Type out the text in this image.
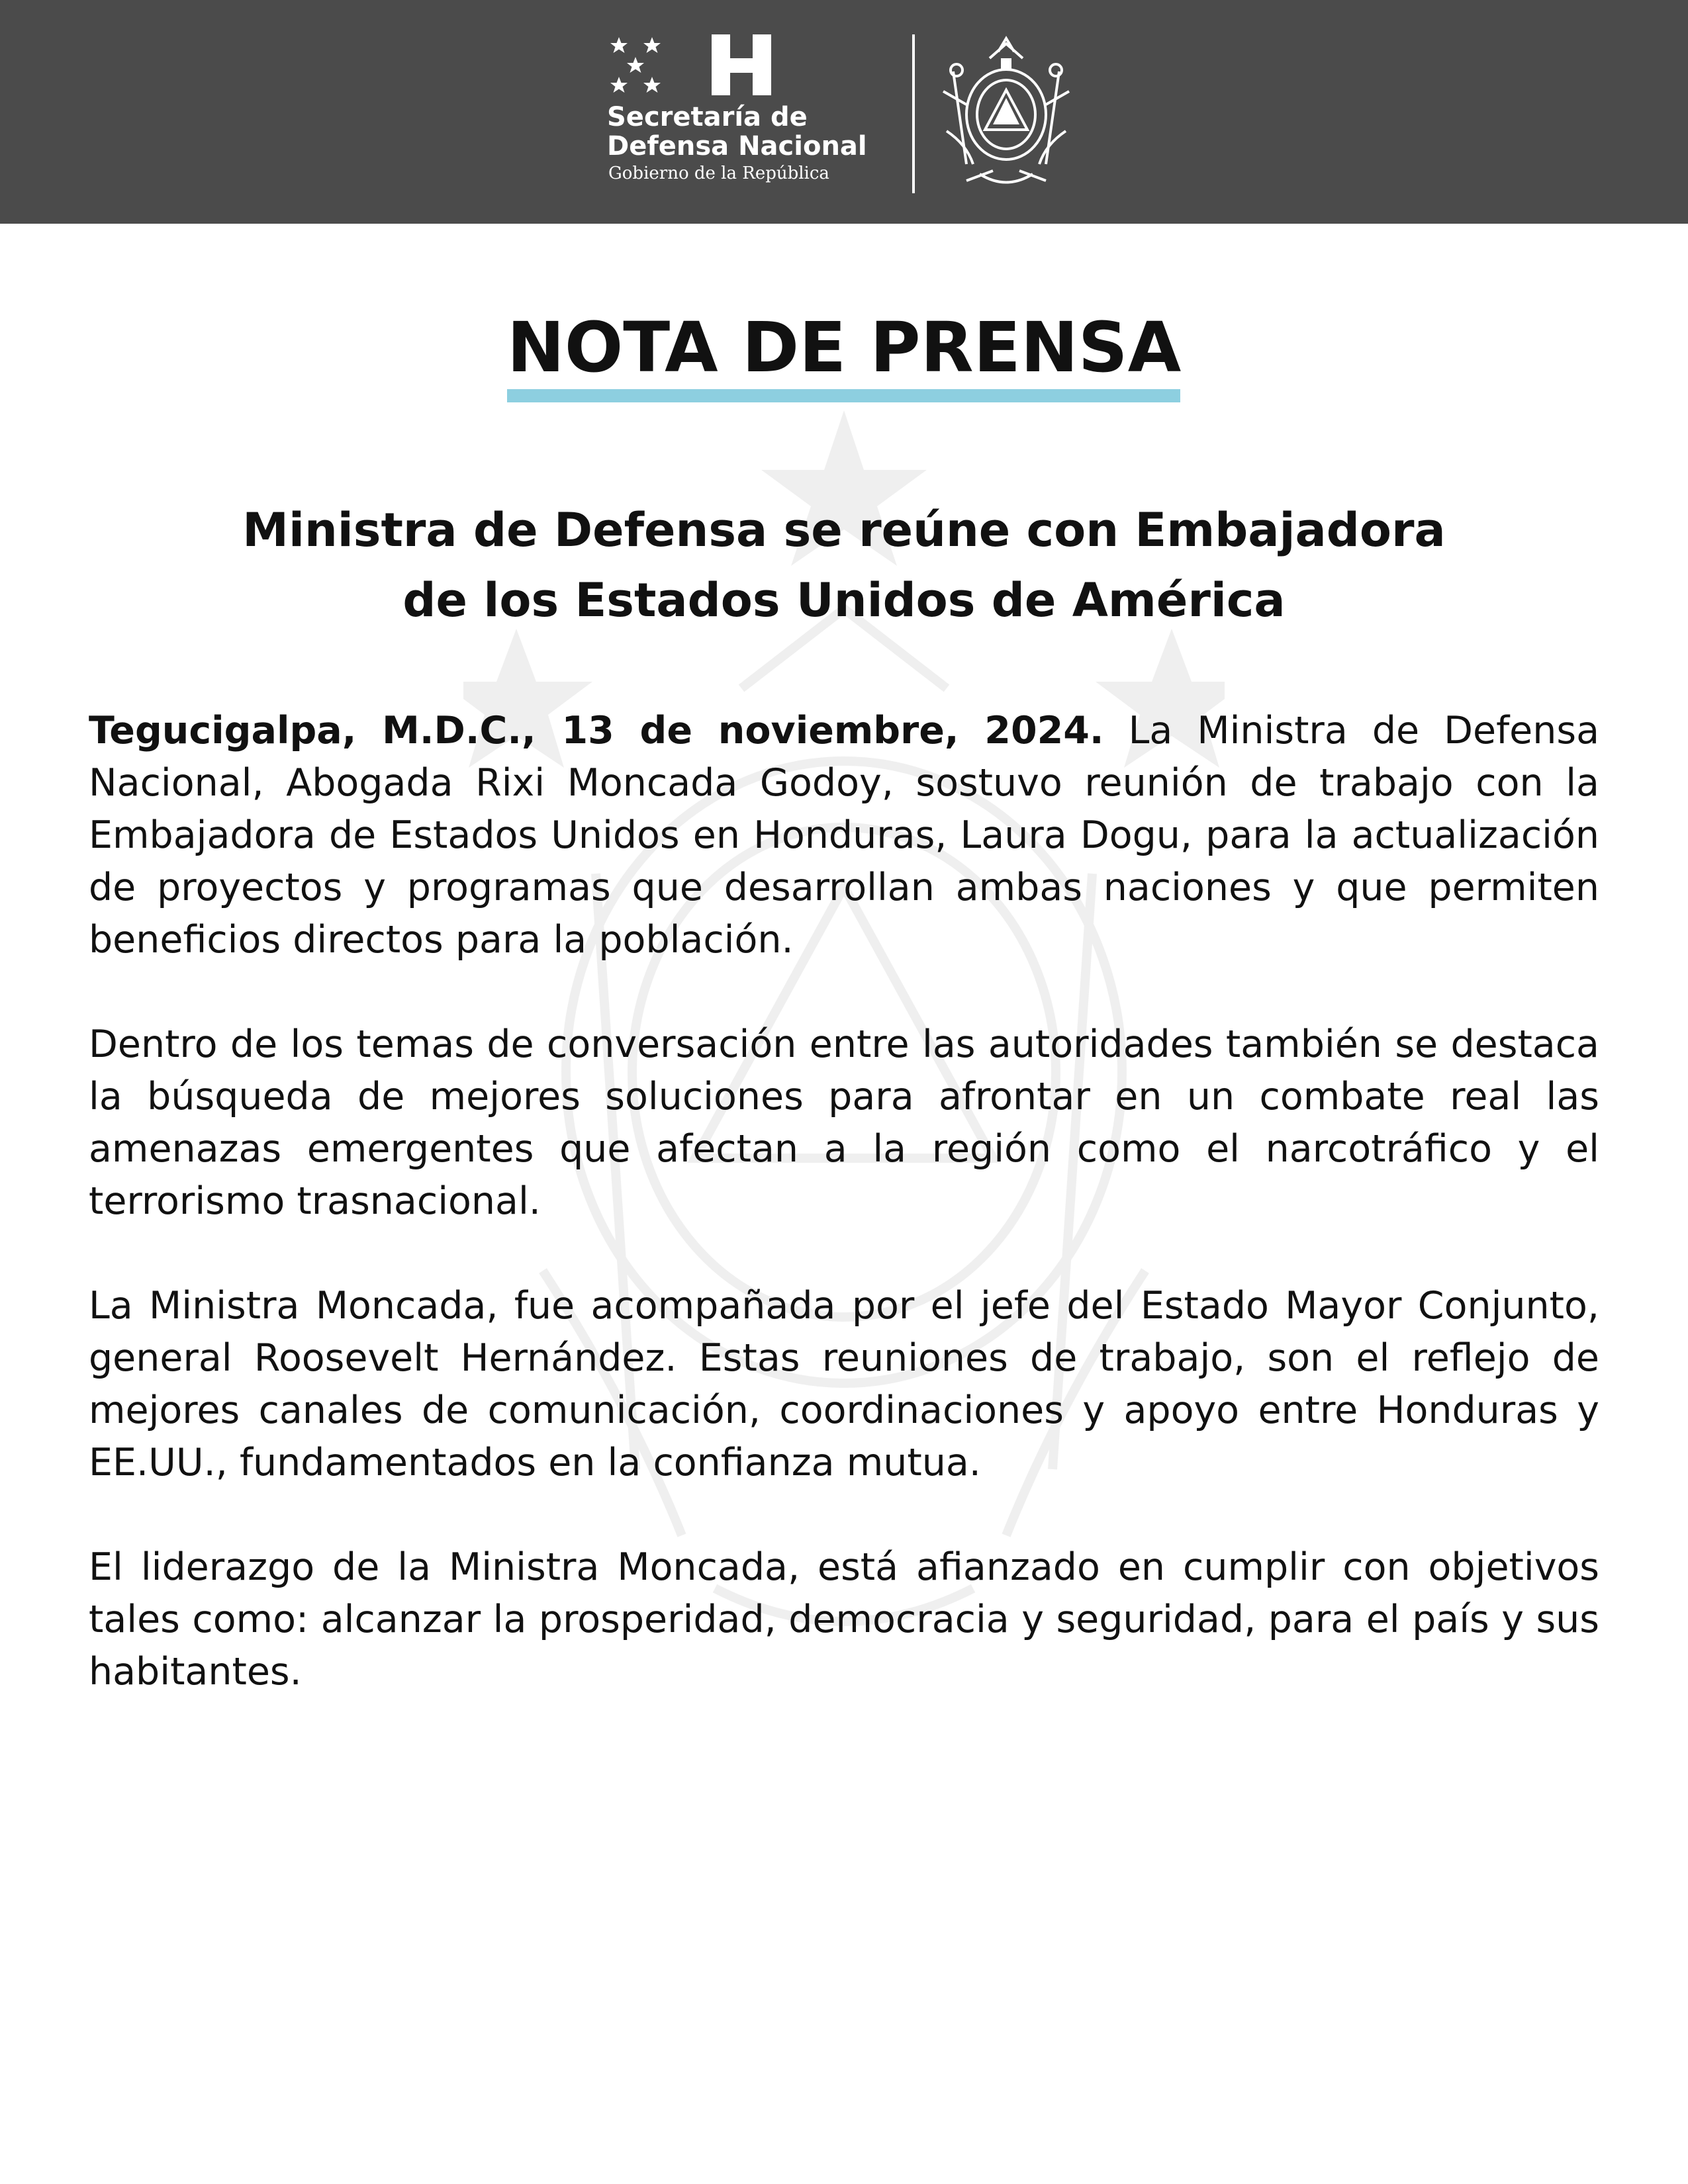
Secretaría de
Defensa Nacional
Gobierno de la República
NOTA DE PRENSA
Ministra de Defensa se reúne con Embajadora
de los Estados Unidos de América

Tegucigalpa, M.D.C., 13 de noviembre, 2024. La Ministra de Defensa Nacional, Abogada Rixi Moncada Godoy, sostuvo reunión de trabajo con la Embajadora de Estados Unidos en Honduras, Laura Dogu, para la actualización de proyectos y programas que desarrollan ambas naciones y que permiten beneficios directos para la población.

Dentro de los temas de conversación entre las autoridades también se destaca la búsqueda de mejores soluciones para afrontar en un combate real las amenazas emergentes que afectan a la región como el narcotráfico y el terrorismo trasnacional.

La Ministra Moncada, fue acompañada por el jefe del Estado Mayor Conjunto, general Roosevelt Hernández. Estas reuniones de trabajo, son el reflejo de mejores canales de comunicación, coordinaciones y apoyo entre Honduras y EE.UU., fundamentados en la confianza mutua.

El liderazgo de la Ministra Moncada, está afianzado en cumplir con objetivos tales como: alcanzar la prosperidad, democracia y seguridad, para el país y sus habitantes.
